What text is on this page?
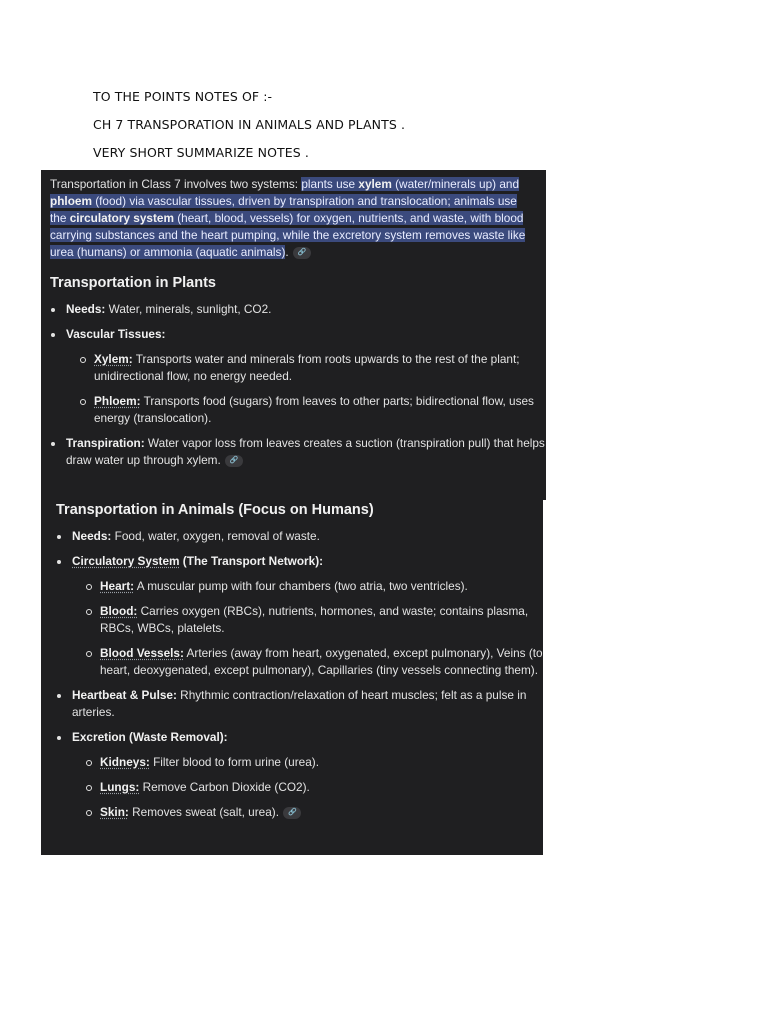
TO THE POINTS NOTES OF :-
CH 7 TRANSPORATION IN ANIMALS AND PLANTS .
VERY SHORT SUMMARIZE NOTES .

Transportation in Class 7 involves two systems: plants use xylem (water/minerals up) and phloem (food) via vascular tissues, driven by transpiration and translocation; animals use the circulatory system (heart, blood, vessels) for oxygen, nutrients, and waste, with blood carrying substances and the heart pumping, while the excretory system removes waste like urea (humans) or ammonia (aquatic animals).🔗

Transportation in Plants
Needs: Water, minerals, sunlight, CO2.
Vascular Tissues:
Xylem: Transports water and minerals from roots upwards to the rest of the plant; unidirectional flow, no energy needed.
Phloem: Transports food (sugars) from leaves to other parts; bidirectional flow, uses energy (translocation).
Transpiration: Water vapor loss from leaves creates a suction (transpiration pull) that helps draw water up through xylem.🔗
Transportation in Animals (Focus on Humans)
Needs: Food, water, oxygen, removal of waste.
Circulatory System (The Transport Network):
Heart: A muscular pump with four chambers (two atria, two ventricles).
Blood: Carries oxygen (RBCs), nutrients, hormones, and waste; contains plasma, RBCs, WBCs, platelets.
Blood Vessels: Arteries (away from heart, oxygenated, except pulmonary), Veins (to heart, deoxygenated, except pulmonary), Capillaries (tiny vessels connecting them).
Heartbeat & Pulse: Rhythmic contraction/relaxation of heart muscles; felt as a pulse in arteries.
Excretion (Waste Removal):
Kidneys: Filter blood to form urine (urea).
Lungs: Remove Carbon Dioxide (CO2).
Skin: Removes sweat (salt, urea).🔗
